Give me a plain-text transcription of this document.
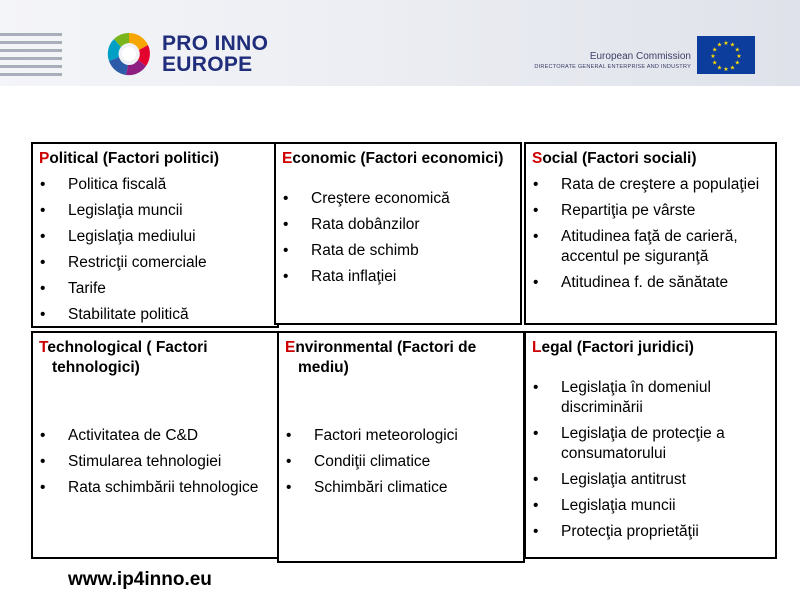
PRO INNO
EUROPE	European Commission
DIRECTORATE GENERAL ENTERPRISE AND INDUSTRY
★ ★
★
★
★
★
★
★
★
★
★
★
Political (Factori politici)
• Politica fiscală
• Legislaţia muncii
• Legislaţia mediului
• Restricţii comerciale
• Tarife
• Stabilitate politică
Economic (Factori economici)
• Creştere economică
• Rata dobânzilor
• Rata de schimb
• Rata inflaţiei
Social (Factori sociali)
• Rata de creştere a populaţiei
• Repartiţia pe vârste
• Atitudinea faţă de carieră, accentul pe siguranţă
• Atitudinea f. de sănătate
Technological ( Factori tehnologici)
• Activitatea de C&D
• Stimularea tehnologiei
• Rata schimbării tehnologice
Environmental (Factori de mediu)
• Factori meteorologici
• Condiţii climatice
• Schimbări climatice
Legal (Factori juridici)
• Legislaţia în domeniul discriminării
• Legislaţia de protecţie a consumatorului
• Legislaţia antitrust
• Legislaţia muncii
• Protecţia proprietăţii
www.ip4inno.eu
